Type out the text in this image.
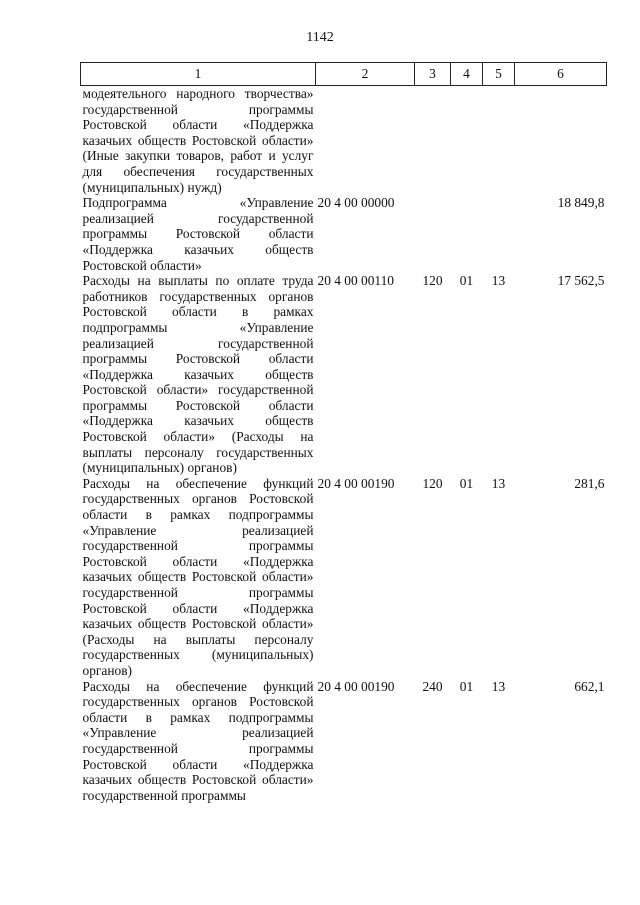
1142
1	2	3	4	5	6
модеятельного народного творчества» государственной программы Ростовской области «Поддержка казачьих обществ Ростовской области» (Иные закупки товаров, работ и услуг для обеспечения государственных (муниципальных) нужд)					
Подпрограмма «Управление реализацией государственной программы Ростовской области «Поддержка казачьих обществ Ростовской области»	20 4 00 00000				18 849,8
Расходы на выплаты по оплате труда работников государственных органов Ростовской области в рамках подпрограммы «Управление реализацией государственной программы Ростовской области «Поддержка казачьих обществ Ростовской области» государственной программы Ростовской области «Поддержка казачьих обществ Ростовской области» (Расходы на выплаты персоналу государственных (муниципальных) органов)	20 4 00 00110	120	01	13	17 562,5
Расходы на обеспечение функций государственных органов Ростовской области в рамках подпрограммы «Управление реализацией государственной программы Ростовской области «Поддержка казачьих обществ Ростовской области» государственной программы Ростовской области «Поддержка казачьих обществ Ростовской области» (Расходы на выплаты персоналу государственных (муниципальных) органов)	20 4 00 00190	120	01	13	281,6
Расходы на обеспечение функций государственных органов Ростовской области в рамках подпрограммы «Управление реализацией государственной программы Ростовской области «Поддержка казачьих обществ Ростовской области» государственной программы	20 4 00 00190	240	01	13	662,1
